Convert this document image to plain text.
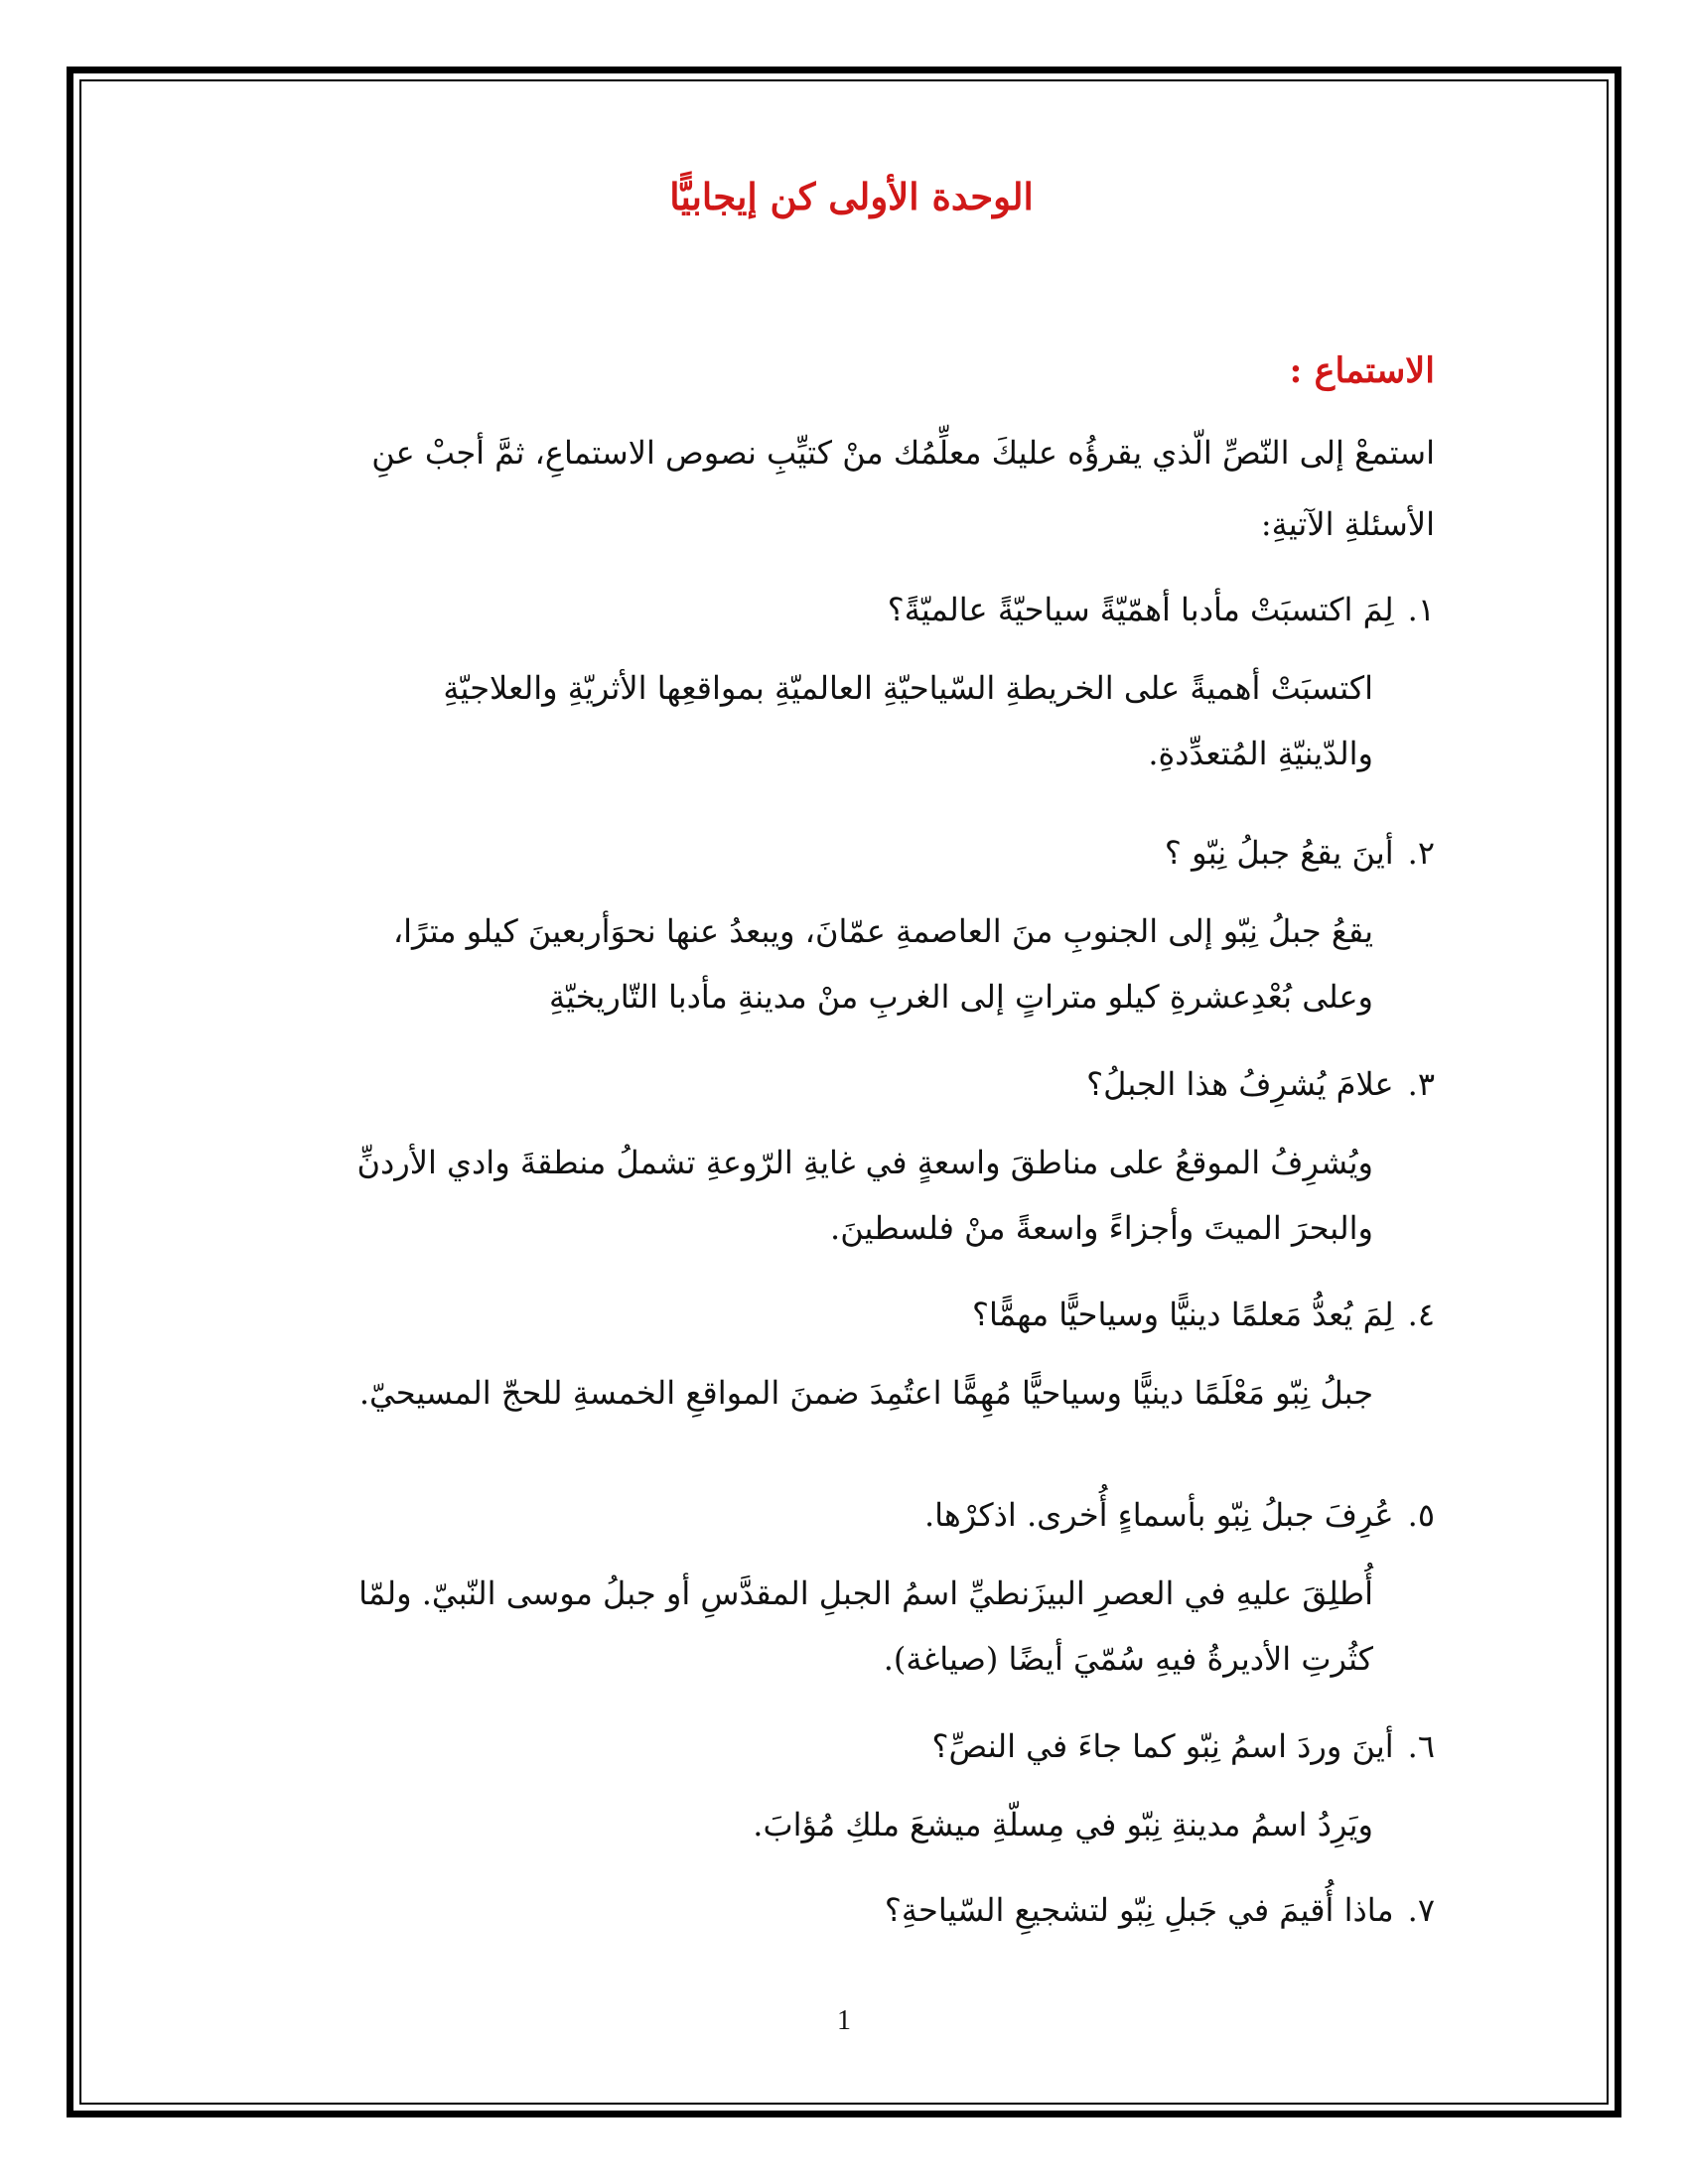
الوحدة الأولى كن إيجابيًّا
الاستماع :
استمعْ إلى النّصِّ الّذي يقرؤُه عليكَ معلِّمُك منْ كتيِّبِ نصوص الاستماعِ، ثمَّ أجبْ عنِ
الأسئلةِ الآتيةِ:
١.لِمَ اكتسبَتْ مأدبا أهمّيّةً سياحيّةً عالميّةً؟
اكتسبَتْ أهميةً على الخريطةِ السّياحيّةِ العالميّةِ بمواقعِها الأثريّةِ والعلاجيّةِ
والدّينيّةِ المُتعدِّدةِ.
٢.أينَ يقعُ جبلُ نِبّو ؟
يقعُ جبلُ نِبّو إلى الجنوبِ منَ العاصمةِ عمّانَ، ويبعدُ عنها نحوَأربعينَ كيلو مترًا،
وعلى بُعْدِعشرةِ كيلو متراتٍ إلى الغربِ منْ مدينةِ مأدبا التّاريخيّةِ
٣.علامَ يُشرِفُ هذا الجبلُ؟
ويُشرِفُ الموقعُ على مناطقَ واسعةٍ في غايةِ الرّوعةِ تشملُ منطقةَ وادي الأردنِّ
والبحرَ الميتَ وأجزاءً واسعةً منْ فلسطينَ.
٤.لِمَ يُعدُّ مَعلمًا دينيًّا وسياحيًّا مهمًّا؟
جبلُ نِبّو مَعْلَمًا دينيًّا وسياحيًّا مُهِمًّا اعتُمِدَ ضمنَ المواقعِ الخمسةِ للحجّ المسيحيّ.
٥.عُرِفَ جبلُ نِبّو بأسماءٍ أُخرى. اذكرْها.
أُطلِقَ عليهِ في العصرِ البيزَنطيِّ اسمُ الجبلِ المقدَّسِ أو جبلُ موسى النّبيّ. ولمّا
كثُرتِ الأديرةُ فيهِ سُمّيَ أيضًا (صياغة).
٦.أينَ وردَ اسمُ نِبّو كما جاءَ في النصِّ؟
ويَرِدُ اسمُ مدينةِ نِبّو في مِسلّةِ ميشعَ ملكِ مُؤابَ.
٧.ماذا أُقيمَ في جَبلِ نِبّو لتشجيعِ السّياحةِ؟
1
